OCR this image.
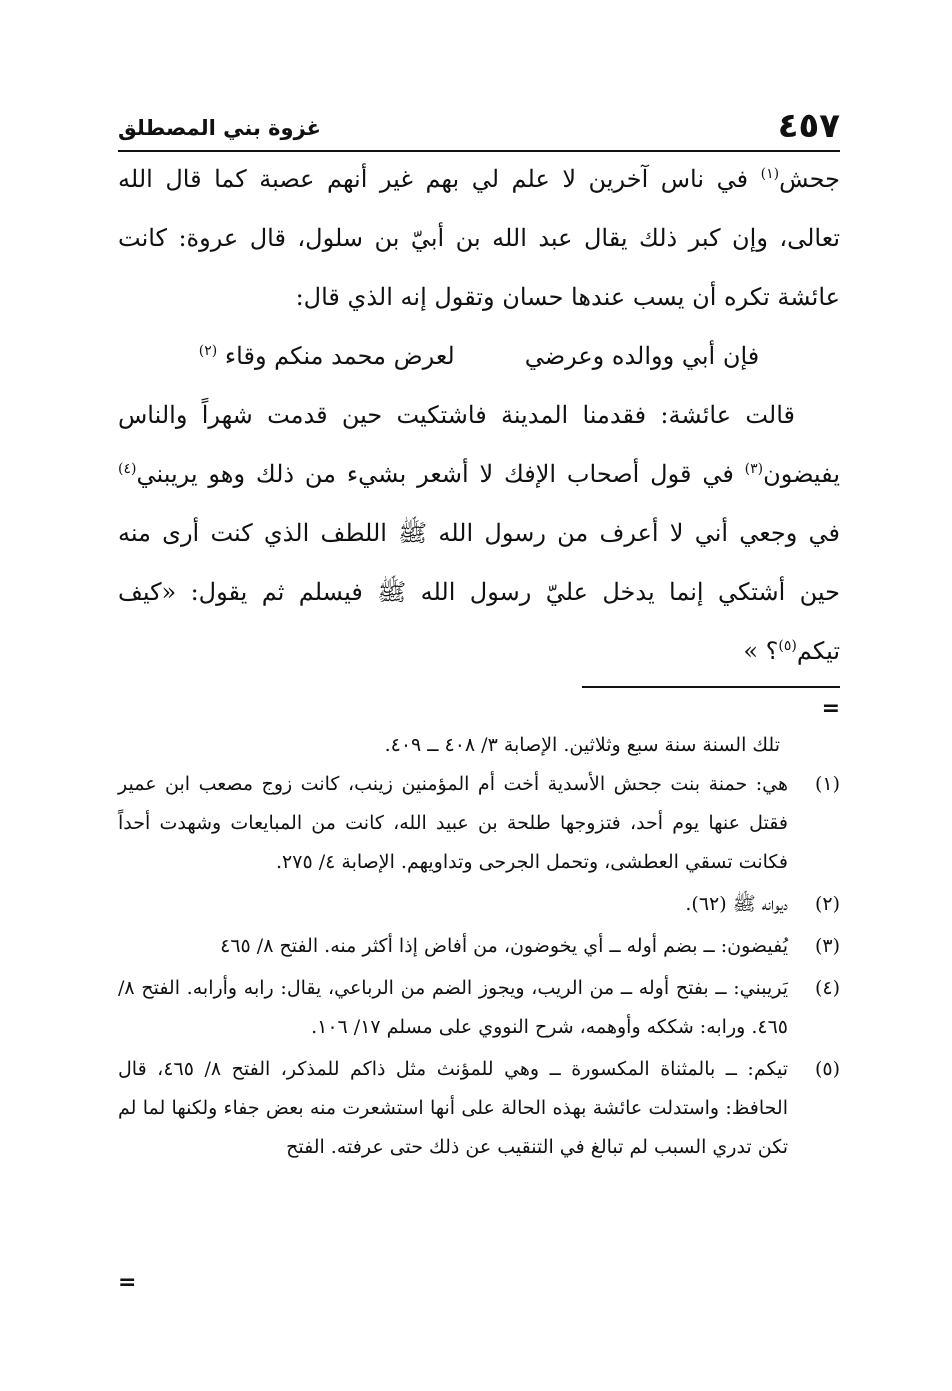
٤٥٧
غزوة بني المصطلق

جحش$^{(١)}$ في ناس آخرين لا علم لي بهم غير أنهم عصبة كما قال الله تعالى، وإن كبر ذلك يقال عبد الله بن أبيّ بن سلول، قال عروة: كانت عائشة تكره أن يسب عندها حسان وتقول إنه الذي قال:

فإن أبي ووالده وعرضي
لعرض محمد منكم وقاء $^{(٢)}$

قالت عائشة: فقدمنا المدينة فاشتكيت حين قدمت شهراً والناس يفيضون$^{(٣)}$ في قول أصحاب الإفك لا أشعر بشيء من ذلك وهو يريبني$^{(٤)}$ في وجعي أني لا أعرف من رسول الله ﷺ اللطف الذي كنت أرى منه حين أشتكي إنما يدخل عليّ رسول الله ﷺ فيسلم ثم يقول: «كيف تيكم$^{(٥)}$؟ »

=

تلك السنة سنة سبع وثلاثين. الإصابة ٣/ ٤٠٨ ــ ٤٠٩.

(١)
هي: حمنة بنت جحش الأسدية أخت أم المؤمنين زينب، كانت زوج مصعب ابن عمير فقتل عنها يوم أحد، فتزوجها طلحة بن عبيد الله، كانت من المبايعات وشهدت أحداً فكانت تسقي العطشى، وتحمل الجرحى وتداويهم. الإصابة ٤/ ٢٧٥.
(٢)
ديوانه ﷺ (٦٢).
(٣)
يُفيضون: ــ بضم أوله ــ أي يخوضون، من أفاض إذا أكثر منه. الفتح ٨/ ٤٦٥
(٤)
يَريبني: ــ بفتح أوله ــ من الريب، ويجوز الضم من الرباعي، يقال: رابه وأرابه. الفتح ٨/ ٤٦٥. ورابه: شككه وأوهمه، شرح النووي على مسلم ١٧/ ١٠٦.
(٥)
تيكم: ــ بالمثناة المكسورة ــ وهي للمؤنث مثل ذاكم للمذكر، الفتح ٨/ ٤٦٥، قال الحافظ: واستدلت عائشة بهذه الحالة على أنها استشعرت منه بعض جفاء ولكنها لما لم تكن تدري السبب لم تبالغ في التنقيب عن ذلك حتى عرفته. الفتح
=
